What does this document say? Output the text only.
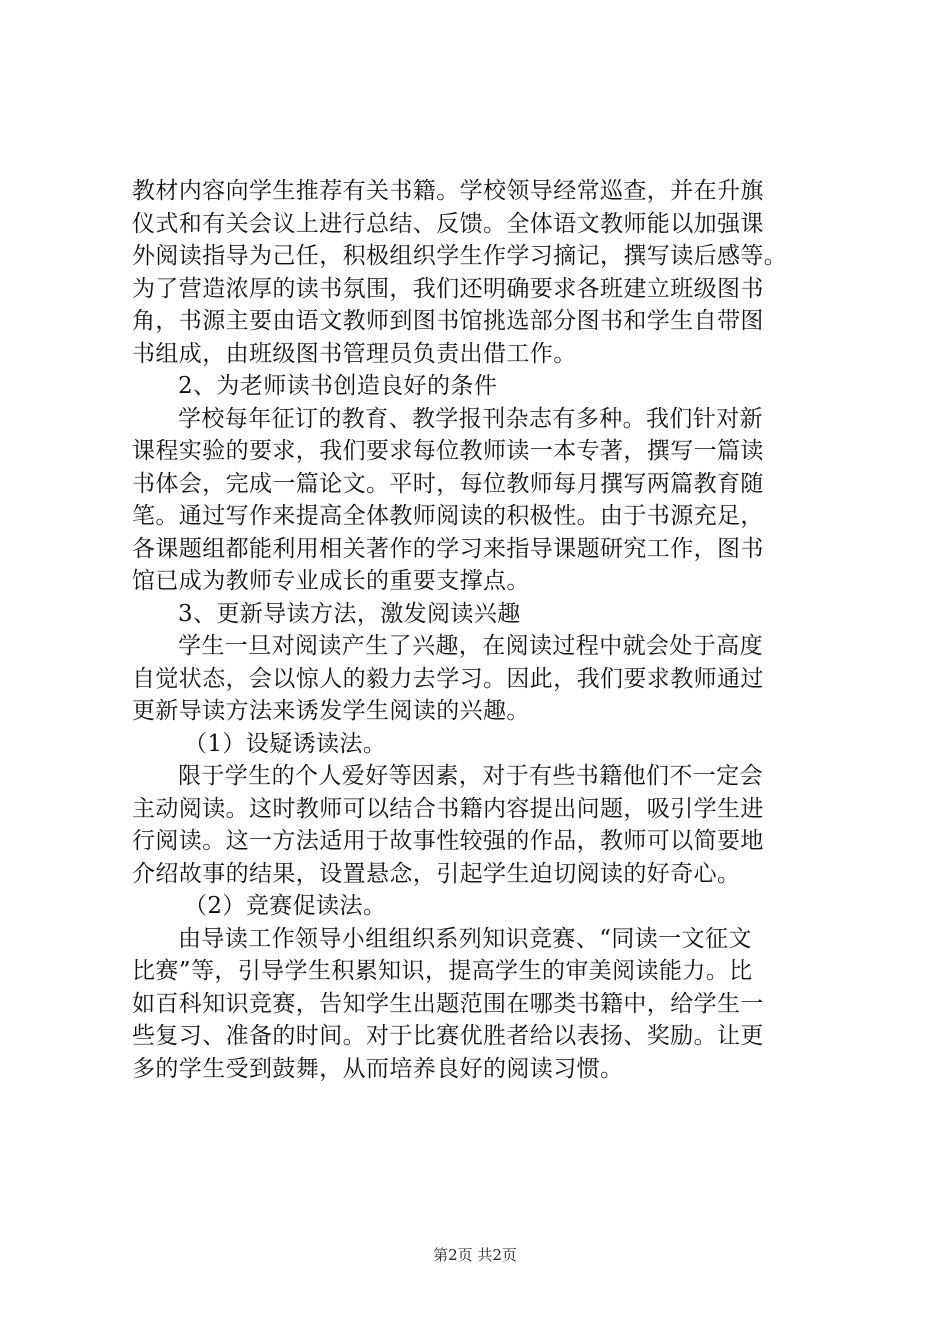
教材内容向学生推荐有关书籍。学校领导经常巡查，并在升旗
仪式和有关会议上进行总结、反馈。全体语文教师能以加强课
外阅读指导为己任，积极组织学生作学习摘记，撰写读后感等。
为了营造浓厚的读书氛围，我们还明确要求各班建立班级图书
角，书源主要由语文教师到图书馆挑选部分图书和学生自带图
书组成，由班级图书管理员负责出借工作。
2、为老师读书创造良好的条件
学校每年征订的教育、教学报刊杂志有多种。我们针对新
课程实验的要求，我们要求每位教师读一本专著，撰写一篇读
书体会，完成一篇论文。平时，每位教师每月撰写两篇教育随
笔。通过写作来提高全体教师阅读的积极性。由于书源充足，
各课题组都能利用相关著作的学习来指导课题研究工作，图书
馆已成为教师专业成长的重要支撑点。
3、更新导读方法，激发阅读兴趣
学生一旦对阅读产生了兴趣，在阅读过程中就会处于高度
自觉状态，会以惊人的毅力去学习。因此，我们要求教师通过
更新导读方法来诱发学生阅读的兴趣。
（1）设疑诱读法。
限于学生的个人爱好等因素，对于有些书籍他们不一定会
主动阅读。这时教师可以结合书籍内容提出问题，吸引学生进
行阅读。这一方法适用于故事性较强的作品，教师可以简要地
介绍故事的结果，设置悬念，引起学生迫切阅读的好奇心。
（2）竞赛促读法。
由导读工作领导小组组织系列知识竞赛、“同读一文征文
比赛”等，引导学生积累知识，提高学生的审美阅读能力。比
如百科知识竞赛，告知学生出题范围在哪类书籍中，给学生一
些复习、准备的时间。对于比赛优胜者给以表扬、奖励。让更
多的学生受到鼓舞，从而培养良好的阅读习惯。
第2页 共2页
